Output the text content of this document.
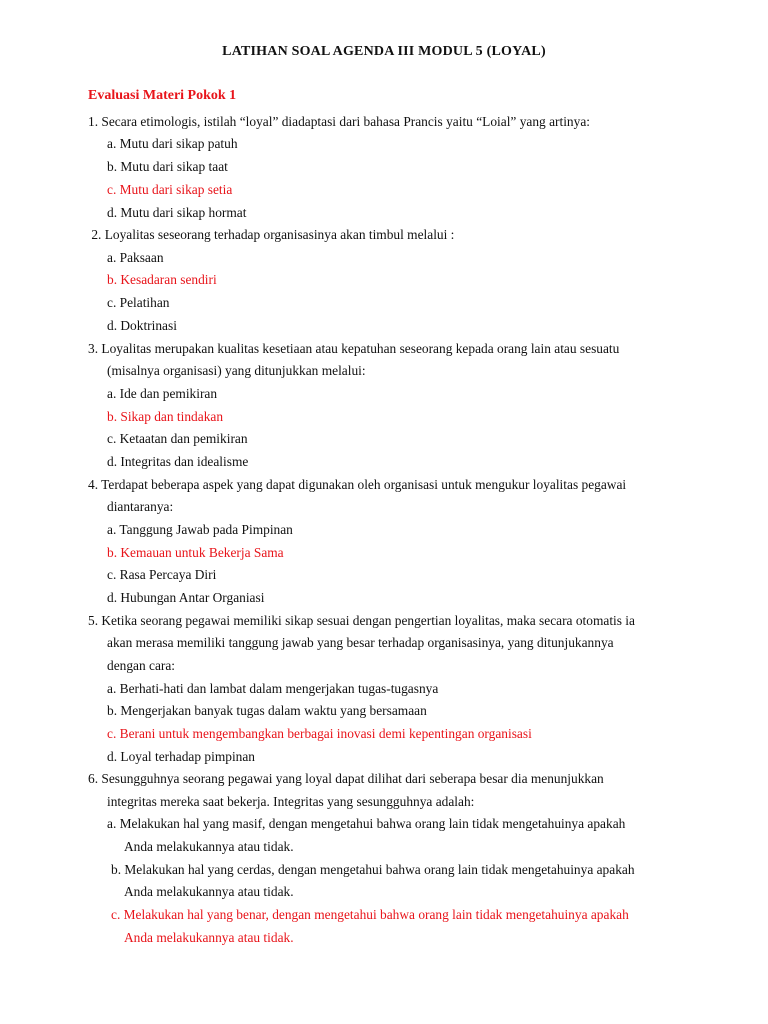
LATIHAN SOAL AGENDA III MODUL 5 (LOYAL)
Evaluasi Materi Pokok 1
1. Secara etimologis, istilah “loyal” diadaptasi dari bahasa Prancis yaitu “Loial” yang artinya:
a. Mutu dari sikap patuh
b. Mutu dari sikap taat
c. Mutu dari sikap setia
d. Mutu dari sikap hormat
2. Loyalitas seseorang terhadap organisasinya akan timbul melalui :
a. Paksaan
b. Kesadaran sendiri
c. Pelatihan
d. Doktrinasi
3. Loyalitas merupakan kualitas kesetiaan atau kepatuhan seseorang kepada orang lain atau sesuatu
(misalnya organisasi) yang ditunjukkan melalui:
a. Ide dan pemikiran
b. Sikap dan tindakan
c. Ketaatan dan pemikiran
d. Integritas dan idealisme
4. Terdapat beberapa aspek yang dapat digunakan oleh organisasi untuk mengukur loyalitas pegawai
diantaranya:
a. Tanggung Jawab pada Pimpinan
b. Kemauan untuk Bekerja Sama
c. Rasa Percaya Diri
d. Hubungan Antar Organiasi
5. Ketika seorang pegawai memiliki sikap sesuai dengan pengertian loyalitas, maka secara otomatis ia
akan merasa memiliki tanggung jawab yang besar terhadap organisasinya, yang ditunjukannya
dengan cara:
a. Berhati-hati dan lambat dalam mengerjakan tugas-tugasnya
b. Mengerjakan banyak tugas dalam waktu yang bersamaan
c. Berani untuk mengembangkan berbagai inovasi demi kepentingan organisasi
d. Loyal terhadap pimpinan
6. Sesungguhnya seorang pegawai yang loyal dapat dilihat dari seberapa besar dia menunjukkan
integritas mereka saat bekerja. Integritas yang sesungguhnya adalah:
a. Melakukan hal yang masif, dengan mengetahui bahwa orang lain tidak mengetahuinya apakah
Anda melakukannya atau tidak.
b. Melakukan hal yang cerdas, dengan mengetahui bahwa orang lain tidak mengetahuinya apakah
Anda melakukannya atau tidak.
c. Melakukan hal yang benar, dengan mengetahui bahwa orang lain tidak mengetahuinya apakah
Anda melakukannya atau tidak.
